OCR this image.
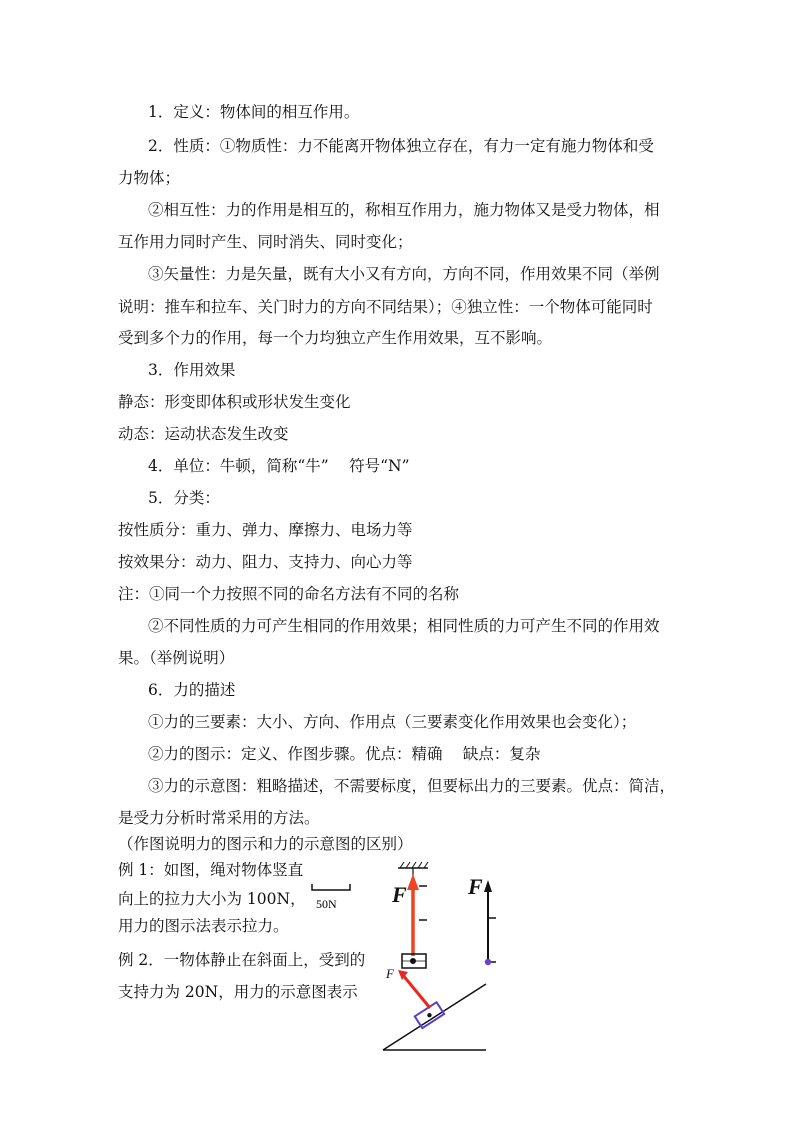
1．定义：物体间的相互作用。
2．性质：①物质性：力不能离开物体独立存在，有力一定有施力物体和受
力物体；
②相互性：力的作用是相互的，称相互作用力，施力物体又是受力物体，相
互作用力同时产生、同时消失、同时变化；
③矢量性：力是矢量，既有大小又有方向，方向不同，作用效果不同（举例
说明：推车和拉车、关门时力的方向不同结果）；④独立性：一个物体可能同时
受到多个力的作用，每一个力均独立产生作用效果，互不影响。
3．作用效果
静态：形变即体积或形状发生变化
动态：运动状态发生改变
4．单位：牛顿，简称“牛”　 符号“N”
5．分类：
按性质分：重力、弹力、摩擦力、电场力等
按效果分：动力、阻力、支持力、向心力等
注：①同一个力按照不同的命名方法有不同的名称
②不同性质的力可产生相同的作用效果；相同性质的力可产生不同的作用效
果。（举例说明）
6．力的描述
①力的三要素：大小、方向、作用点（三要素变化作用效果也会变化）；
②力的图示：定义、作图步骤。优点：精确　 缺点：复杂
③力的示意图：粗略描述，不需要标度，但要标出力的三要素。优点：简洁，
是受力分析时常采用的方法。
（作图说明力的图示和力的示意图的区别）
例 1：如图，绳对物体竖直
向上的拉力大小为 100N，
用力的图示法表示拉力。
例 2．一物体静止在斜面上，受到的
支持力为 20N，用力的示意图表示
50N	F	F
F
